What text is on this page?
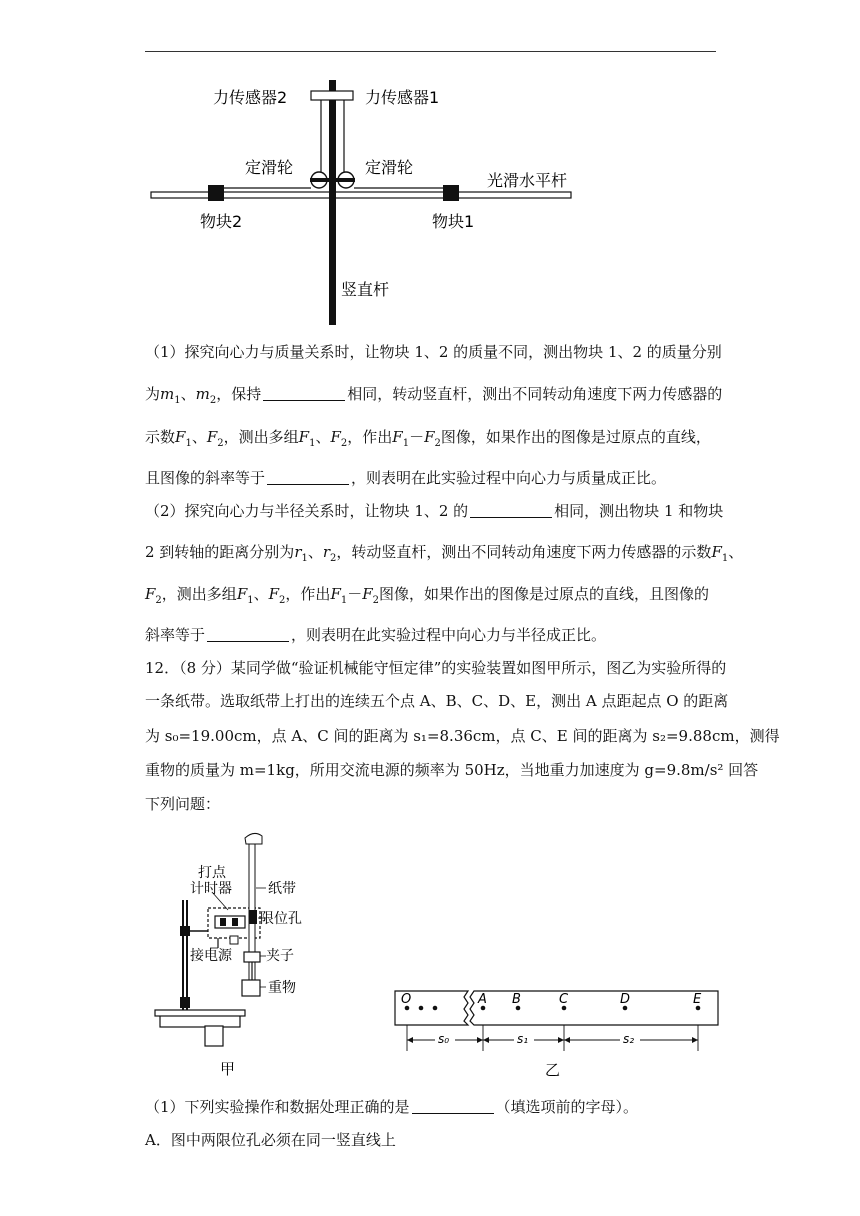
力传感器2	力传感器1
定滑轮	定滑轮
光滑水平杆
物块2	物块1
竖直杆
（1）探究向心力与质量关系时，让物块 1、2 的质量不同，测出物块 1、2 的质量分别
为$m_1$、$m_2$，保持	相同，转动竖直杆，测出不同转动角速度下两力传感器的
示数$F_1$、$F_2$，测出多组$F_1$、$F_2$，作出$F_1-F_2$图像，如果作出的图像是过原点的直线，
且图像的斜率等于	，则表明在此实验过程中向心力与质量成正比。
（2）探究向心力与半径关系时，让物块 1、2 的	相同，测出物块 1 和物块
2 到转轴的距离分别为$r_1$、$r_2$，转动竖直杆，测出不同转动角速度下两力传感器的示数$F_1$、
$F_2$，测出多组$F_1$、$F_2$，作出$F_1-F_2$图像，如果作出的图像是过原点的直线，且图像的
斜率等于	，则表明在此实验过程中向心力与半径成正比。
12．（8 分）某同学做“验证机械能守恒定律”的实验装置如图甲所示，图乙为实验所得的
一条纸带。选取纸带上打出的连续五个点 A、B、C、D、E，测出 A 点距起点 O 的距离
为 s₀=19.00cm，点 A、C 间的距离为 s₁=8.36cm，点 C、E 间的距离为 s₂=9.88cm，测得
重物的质量为 m=1kg，所用交流电源的频率为 50Hz，当地重力加速度为 g=9.8m/s² 回答
下列问题：
打点
计时器	纸带
限位孔
接电源 夹子
重物
甲
O	A B	C	D	E
s₀	s₁	s₂
乙
（1）下列实验操作和数据处理正确的是	（填选项前的字母）。
A．图中两限位孔必须在同一竖直线上
